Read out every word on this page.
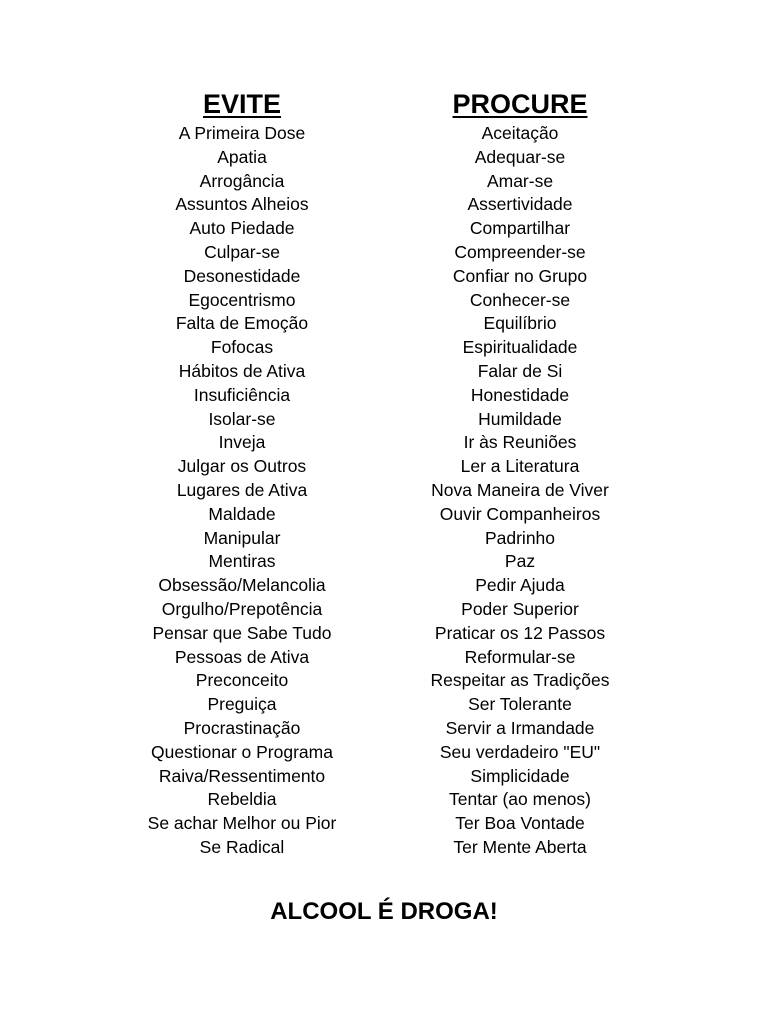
EVITE
A Primeira Dose
Apatia
Arrogância
Assuntos Alheios
Auto Piedade
Culpar-se
Desonestidade
Egocentrismo
Falta de Emoção
Fofocas
Hábitos de Ativa
Insuficiência
Isolar-se
Inveja
Julgar os Outros
Lugares de Ativa
Maldade
Manipular
Mentiras
Obsessão/Melancolia
Orgulho/Prepotência
Pensar que Sabe Tudo
Pessoas de Ativa
Preconceito
Preguiça
Procrastinação
Questionar o Programa
Raiva/Ressentimento
Rebeldia
Se achar Melhor ou Pior
Se Radical
PROCURE
Aceitação
Adequar-se
Amar-se
Assertividade
Compartilhar
Compreender-se
Confiar no Grupo
Conhecer-se
Equilíbrio
Espiritualidade
Falar de Si
Honestidade
Humildade
Ir às Reuniões
Ler a Literatura
Nova Maneira de Viver
Ouvir Companheiros
Padrinho
Paz
Pedir Ajuda
Poder Superior
Praticar os 12 Passos
Reformular-se
Respeitar as Tradições
Ser Tolerante
Servir a Irmandade
Seu verdadeiro "EU"
Simplicidade
Tentar (ao menos)
Ter Boa Vontade
Ter Mente Aberta

ALCOOL É DROGA!
